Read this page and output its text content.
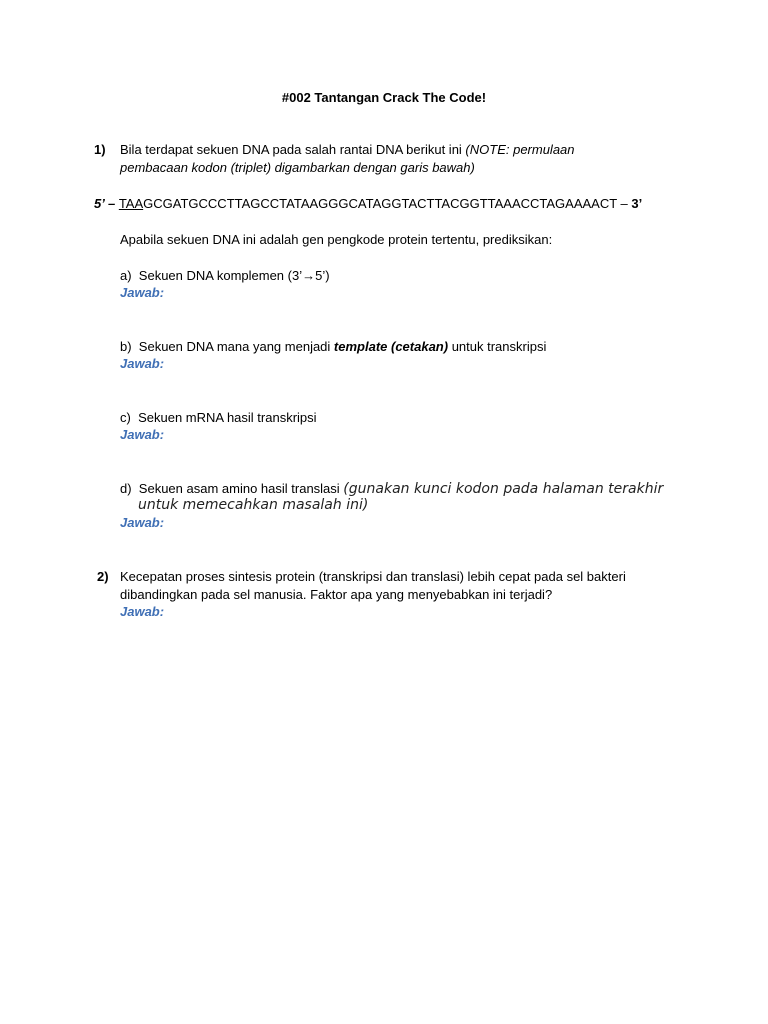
#002 Tantangan Crack The Code!
1) Bila terdapat sekuen DNA pada salah rantai DNA berikut ini (NOTE: permulaan
pembacaan kodon (triplet) digambarkan dengan garis bawah)
5’ – TAAGCGATGCCCTTAGCCTATAAGGGCATAGGTACTTACGGTTAAACCTAGAAAACT – 3’
Apabila sekuen DNA ini adalah gen pengkode protein tertentu, prediksikan:
a) Sekuen DNA komplemen (3’→5’)
Jawab:
b) Sekuen DNA mana yang menjadi template (cetakan) untuk transkripsi
Jawab:
c) Sekuen mRNA hasil transkripsi
Jawab:
d) Sekuen asam amino hasil translasi (gunakan kunci kodon pada halaman terakhir
untuk memecahkan masalah ini)
Jawab:
2) Kecepatan proses sintesis protein (transkripsi dan translasi) lebih cepat pada sel bakteri
dibandingkan pada sel manusia. Faktor apa yang menyebabkan ini terjadi?
Jawab:
